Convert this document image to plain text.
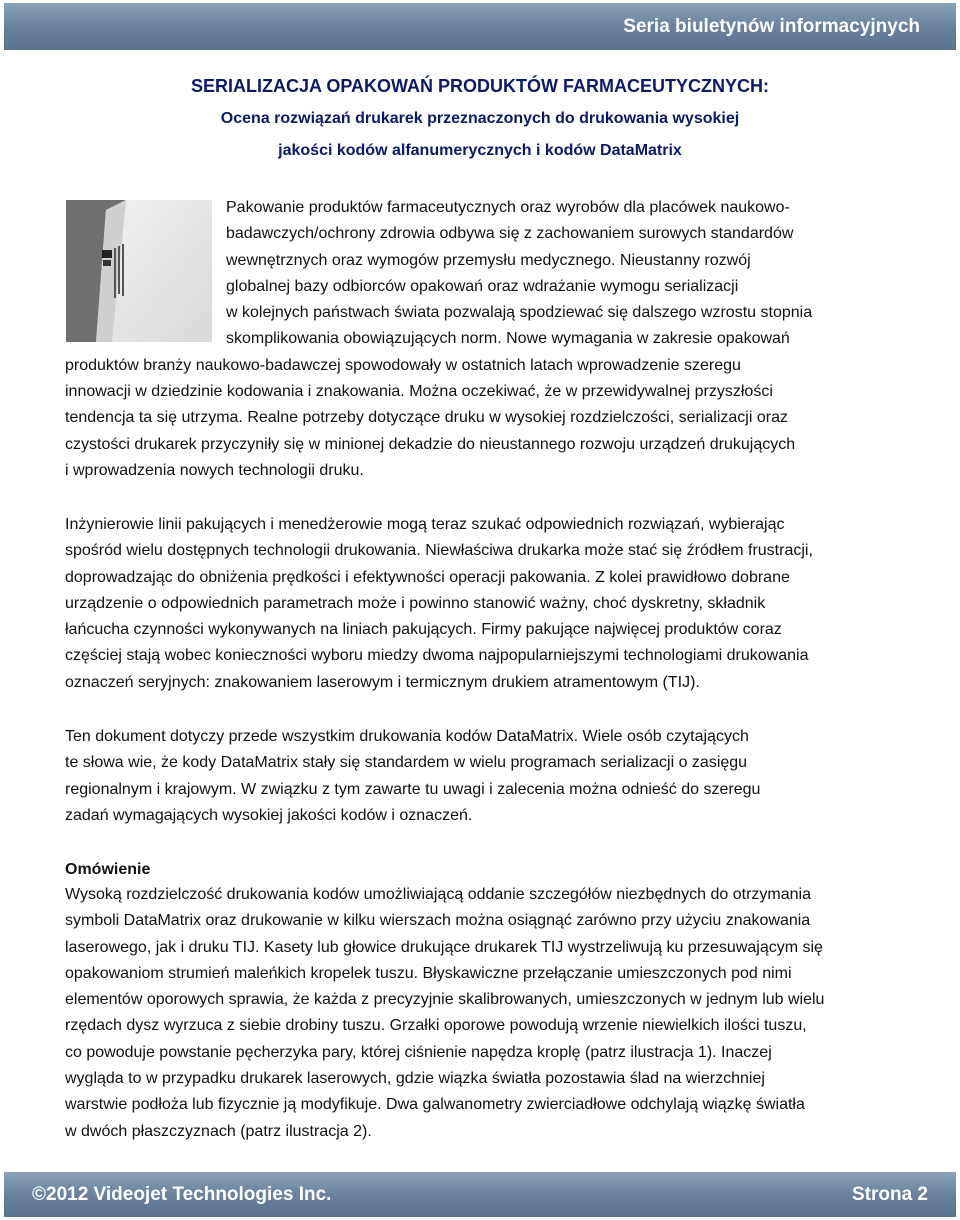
Seria biuletynów informacyjnych
SERIALIZACJA OPAKOWAŃ PRODUKTÓW FARMACEUTYCZNYCH:
Ocena rozwiązań drukarek przeznaczonych do drukowania wysokiej
jakości kodów alfanumerycznych i kodów DataMatrix
Pakowanie produktów farmaceutycznych oraz wyrobów dla placówek naukowo-
badawczych/ochrony zdrowia odbywa się z zachowaniem surowych standardów
wewnętrznych oraz wymogów przemysłu medycznego. Nieustanny rozwój
globalnej bazy odbiorców opakowań oraz wdrażanie wymogu serializacji
w kolejnych państwach świata pozwalają spodziewać się dalszego wzrostu stopnia
skomplikowania obowiązujących norm. Nowe wymagania w zakresie opakowań
produktów branży naukowo-badawczej spowodowały w ostatnich latach wprowadzenie szeregu
innowacji w dziedzinie kodowania i znakowania. Można oczekiwać, że w przewidywalnej przyszłości
tendencja ta się utrzyma. Realne potrzeby dotyczące druku w wysokiej rozdzielczości, serializacji oraz
czystości drukarek przyczyniły się w minionej dekadzie do nieustannego rozwoju urządzeń drukujących
i wprowadzenia nowych technologii druku.
Inżynierowie linii pakujących i menedżerowie mogą teraz szukać odpowiednich rozwiązań, wybierając
spośród wielu dostępnych technologii drukowania. Niewłaściwa drukarka może stać się źródłem frustracji,
doprowadzając do obniżenia prędkości i efektywności operacji pakowania. Z kolei prawidłowo dobrane
urządzenie o odpowiednich parametrach może i powinno stanowić ważny, choć dyskretny, składnik
łańcucha czynności wykonywanych na liniach pakujących. Firmy pakujące najwięcej produktów coraz
częściej stają wobec konieczności wyboru miedzy dwoma najpopularniejszymi technologiami drukowania
oznaczeń seryjnych: znakowaniem laserowym i termicznym drukiem atramentowym (TIJ).
Ten dokument dotyczy przede wszystkim drukowania kodów DataMatrix. Wiele osób czytających
te słowa wie, że kody DataMatrix stały się standardem w wielu programach serializacji o zasięgu
regionalnym i krajowym. W związku z tym zawarte tu uwagi i zalecenia można odnieść do szeregu
zadań wymagających wysokiej jakości kodów i oznaczeń.
Omówienie
Wysoką rozdzielczość drukowania kodów umożliwiającą oddanie szczegółów niezbędnych do otrzymania
symboli DataMatrix oraz drukowanie w kilku wierszach można osiągnąć zarówno przy użyciu znakowania
laserowego, jak i druku TIJ. Kasety lub głowice drukujące drukarek TIJ wystrzeliwują ku przesuwającym się
opakowaniom strumień maleńkich kropelek tuszu. Błyskawiczne przełączanie umieszczonych pod nimi
elementów oporowych sprawia, że każda z precyzyjnie skalibrowanych, umieszczonych w jednym lub wielu
rzędach dysz wyrzuca z siebie drobiny tuszu. Grzałki oporowe powodują wrzenie niewielkich ilości tuszu,
co powoduje powstanie pęcherzyka pary, której ciśnienie napędza kroplę (patrz ilustracja 1). Inaczej
wygląda to w przypadku drukarek laserowych, gdzie wiązka światła pozostawia ślad na wierzchniej
warstwie podłoża lub fizycznie ją modyfikuje. Dwa galwanometry zwierciadłowe odchylają wiązkę światła
w dwóch płaszczyznach (patrz ilustracja 2).
©2012 Videojet Technologies Inc.	Strona 2
